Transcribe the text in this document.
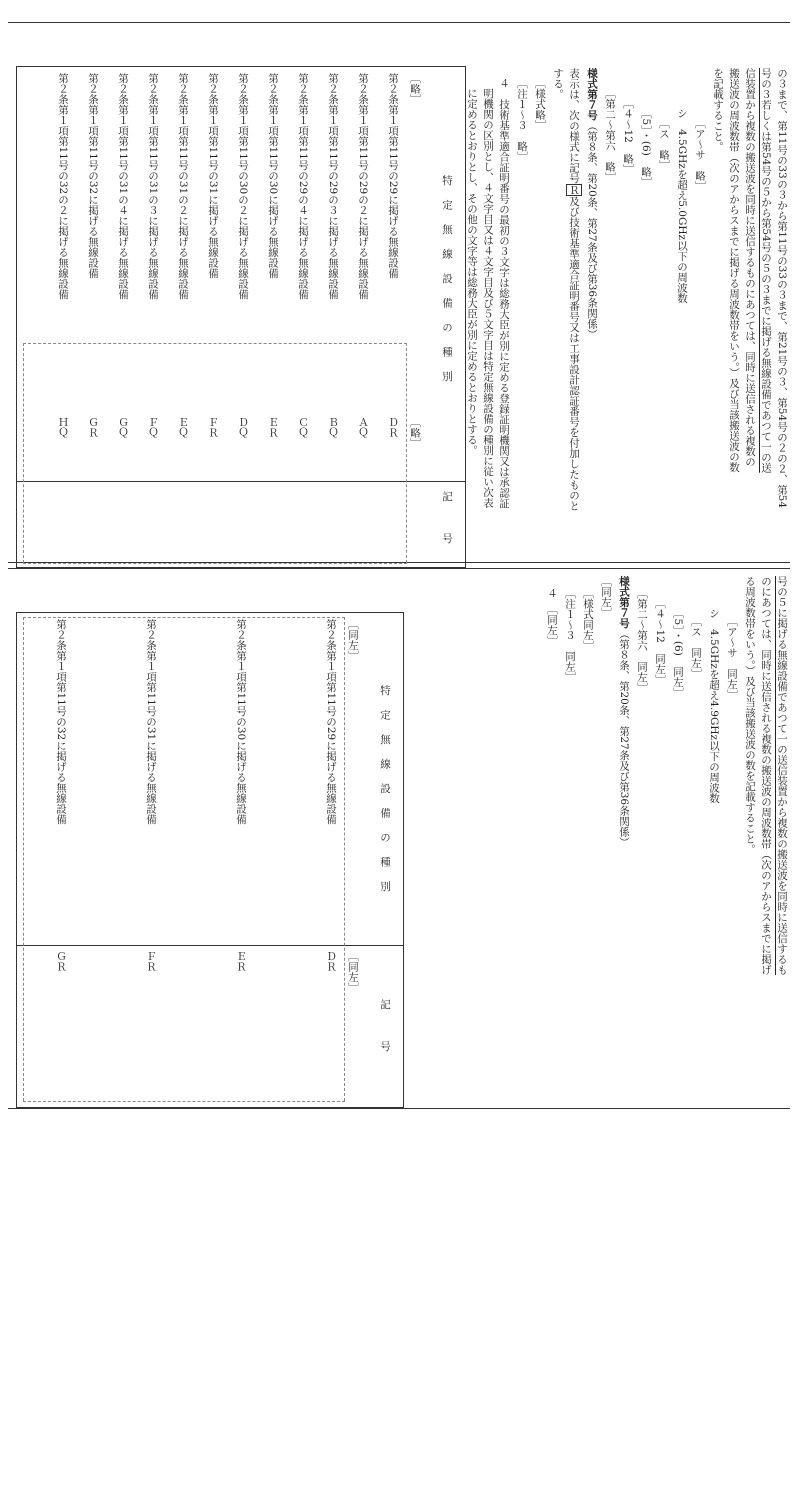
の３まで、第11号の33の３から第11号の33の３まで、第21号の３、第54号の２の２、第54
号の３若しくは第54号の５から第54号の５の３までに掲げる無線設備であつて一の送
信装置から複数の搬送波を同時に送信するものにあつては、同時に送信される複数の
搬送波の周波数帯（次のアからスまでに掲げる周波数帯をいう。）及び当該搬送波の数
を記載すること。
［ア～サ　略］
シ　4.5GHzを超え5.0GHz以下の周波数
［ス　略］
［5］・(6)　略］
［４～12　略］
［第二～第六　略］
様式第７号（第８条、第20条、第27条及び第36条関係）
表示は、次の様式に記号Ｒ及び技術基準適合証明番号又は工事設計認証番号を付加したものと
する。
［様式略］
［注１～３　略］
４　技術基準適合証明番号の最初の３文字は総務大臣が別に定める登録証明機関又は承認証
明機関の区別とし、４文字目又は４文字目及び５文字目は特定無線設備の種別に従い次表
に定めるとおりとし、その他の文字等は総務大臣が別に定めるとおりとする。
特定無線設備の種別
記　　　号
［略］
［略］
第２条第１項第11号の29に掲げる無線設備
ＤＲ
第２条第１項第11号の29の２に掲げる無線設備
ＡＱ
第２条第１項第11号の29の３に掲げる無線設備
ＢＱ
第２条第１項第11号の29の４に掲げる無線設備
ＣＱ
第２条第１項第11号の30に掲げる無線設備
ＥＲ
第２条第１項第11号の30の２に掲げる無線設備
ＤＱ
第２条第１項第11号の31に掲げる無線設備
ＦＲ
第２条第１項第11号の31の２に掲げる無線設備
ＥＱ
第２条第１項第11号の31の３に掲げる無線設備
ＦＱ
第２条第１項第11号の31の４に掲げる無線設備
ＧＱ
第２条第１項第11号の32に掲げる無線設備
ＧＲ
第２条第１項第11号の32の２に掲げる無線設備
ＨＱ
号の５に掲げる無線設備であつて一の送信装置から複数の搬送波を同時に送信するも
のにあつては、同時に送信される複数の搬送波の周波数帯（次のアからスまでに掲げ
る周波数帯をいう。）及び当該搬送波の数を記載すること。
［ア～サ　同左］
シ　4.5GHzを超え4.9GHz以下の周波数
［ス　同左］
［5］・(6)　同左］
［４～12　同左］
［第二～第六　同左］
様式第７号（第８条、第20条、第27条及び第36条関係）
［同左］
［様式同左］
［注１～３　同左］
４　［同左］
特定無線設備の種別
記　　　号
［同左］
［同左］
第２条第１項第11号の29に掲げる無線設備
ＤＲ
第２条第１項第11号の30に掲げる無線設備
ＥＲ
第２条第１項第11号の31に掲げる無線設備
ＦＲ
第２条第１項第11号の32に掲げる無線設備
ＧＲ
